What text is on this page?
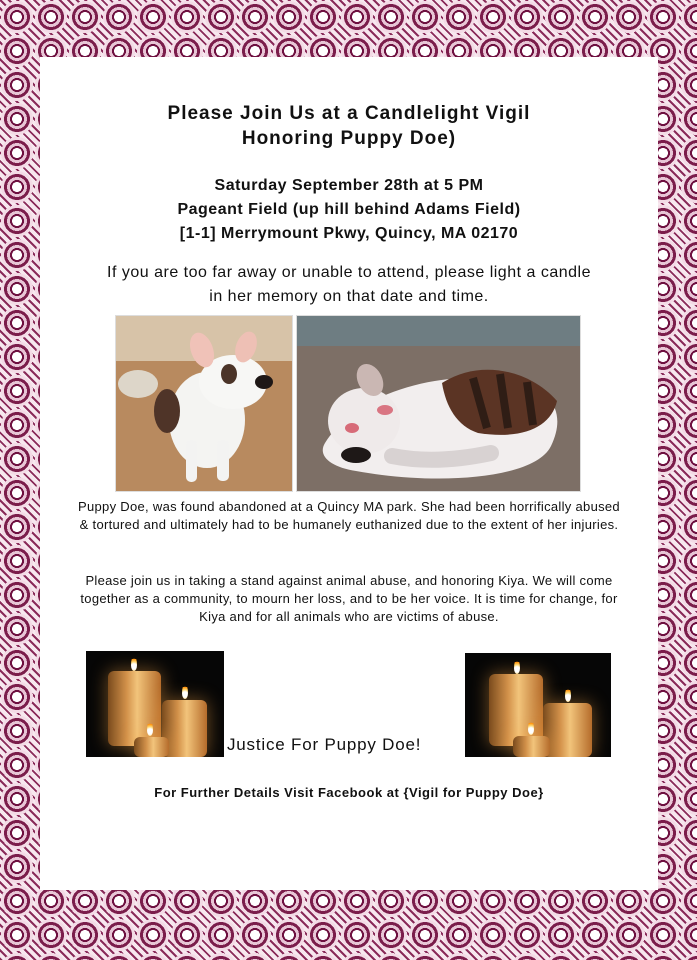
Please Join Us at a Candlelight Vigil
Honoring Puppy Doe)
Saturday September 28th at 5 PM
Pageant Field (up hill behind Adams Field)
[1-1] Merrymount Pkwy, Quincy, MA 02170
If you are too far away or unable to attend, please light a candle
in her memory on that date and time.
Puppy Doe, was found abandoned at a Quincy MA park. She had been horrifically abused & tortured and ultimately had to be humanely euthanized due to the extent of her injuries.
Please join us in taking a stand against animal abuse, and honoring Kiya. We will come together as a community, to mourn her loss, and to be her voice. It is time for change, for Kiya and for all animals who are victims of abuse.
Justice For Puppy Doe!
For Further Details Visit Facebook at {Vigil for Puppy Doe}
